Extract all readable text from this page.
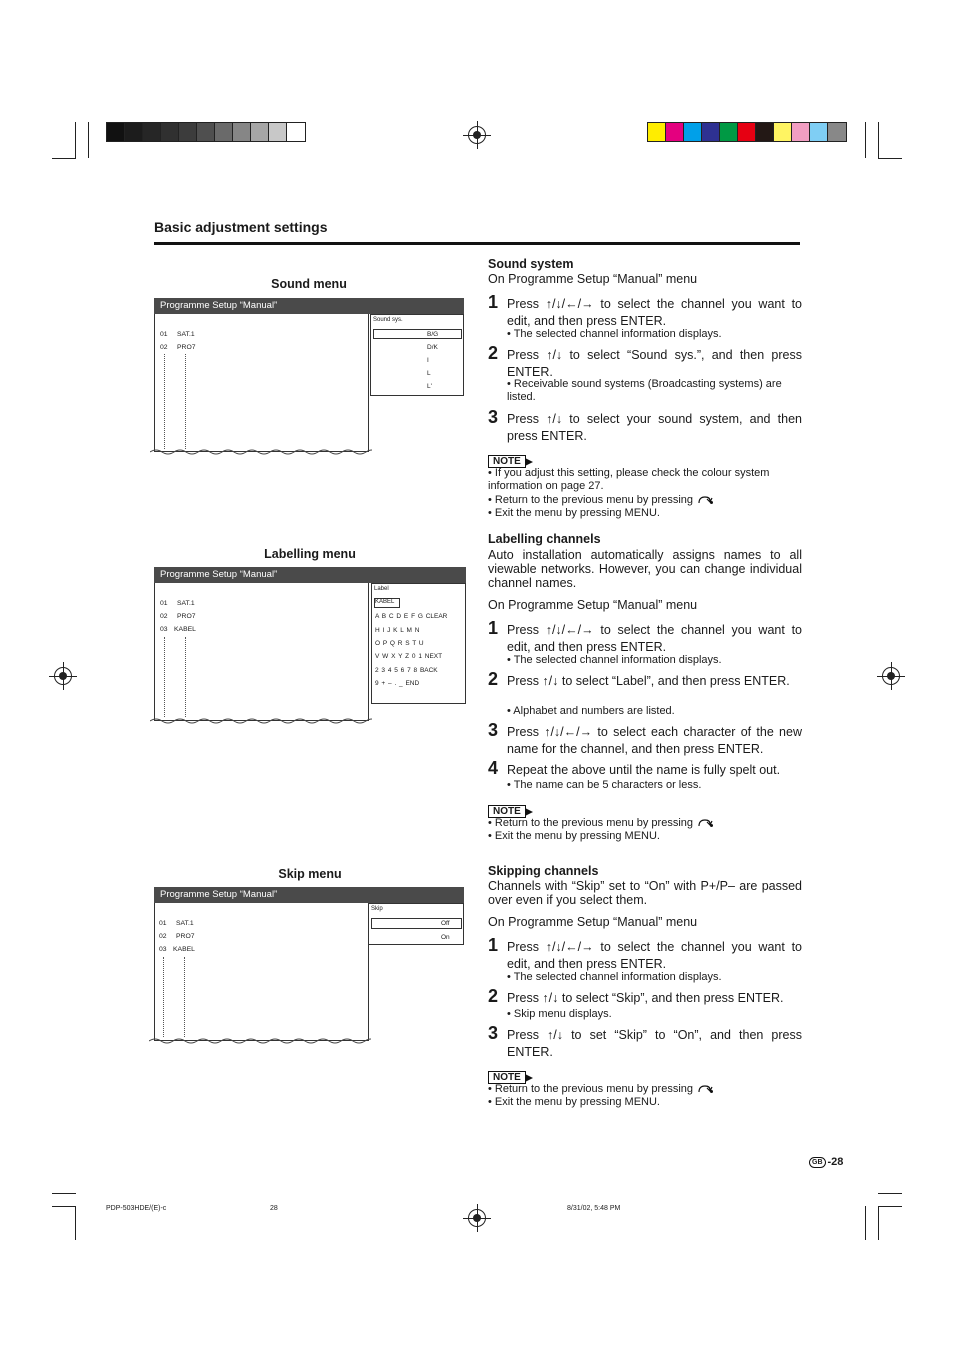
Basic adjustment settings
Sound menu
Programme Setup “Manual”
01 SAT.1
02 PRO7
Sound sys.
B/G
D/K
I
L
L'
Labelling menu
Programme Setup “Manual”
01 SAT.1
02 PRO7
03 KABEL
Label
KABEL
A B C D E F G CLEAR
H I J K L M N
O P Q R S T U
V W X Y Z 0 1 NEXT
2 3 4 5 6 7 8 BACK
9 + – . _ END
Skip menu
Programme Setup “Manual”
01 SAT.1
02 PRO7
03 KABEL
Skip
Off
On
Sound system
On Programme Setup “Manual” menu
1 Press ↑/↓/←/→ to select the channel you want to edit, and then press ENTER.
• The selected channel information displays.
2 Press ↑/↓ to select “Sound sys.”, and then press ENTER.
• Receivable sound systems (Broadcasting systems) are listed.
3 Press ↑/↓ to select your sound system, and then press ENTER.
NOTE
• If you adjust this setting, please check the colour system information on page 27.
• Return to the previous menu by pressing
• Exit the menu by pressing MENU.
Labelling channels
Auto installation automatically assigns names to all viewable networks. However, you can change individual channel names.
On Programme Setup “Manual” menu
1 Press ↑/↓/←/→ to select the channel you want to edit, and then press ENTER.
• The selected channel information displays.
2 Press ↑/↓ to select “Label”, and then press ENTER.
• Alphabet and numbers are listed.
3 Press ↑/↓/←/→ to select each character of the new name for the channel, and then press ENTER.
4 Repeat the above until the name is fully spelt out.
• The name can be 5 characters or less.
NOTE
• Return to the previous menu by pressing
• Exit the menu by pressing MENU.
Skipping channels
Channels with “Skip” set to “On” with P+/P– are passed over even if you select them.
On Programme Setup “Manual” menu
1 Press ↑/↓/←/→ to select the channel you want to edit, and then press ENTER.
• The selected channel information displays.
2 Press ↑/↓ to select “Skip”, and then press ENTER.
• Skip menu displays.
3 Press ↑/↓ to set “Skip” to “On”, and then press ENTER.
NOTE
• Return to the previous menu by pressing
• Exit the menu by pressing MENU.
GB -28
PDP-503HDE/(E)-c	28	8/31/02, 5:48 PM
